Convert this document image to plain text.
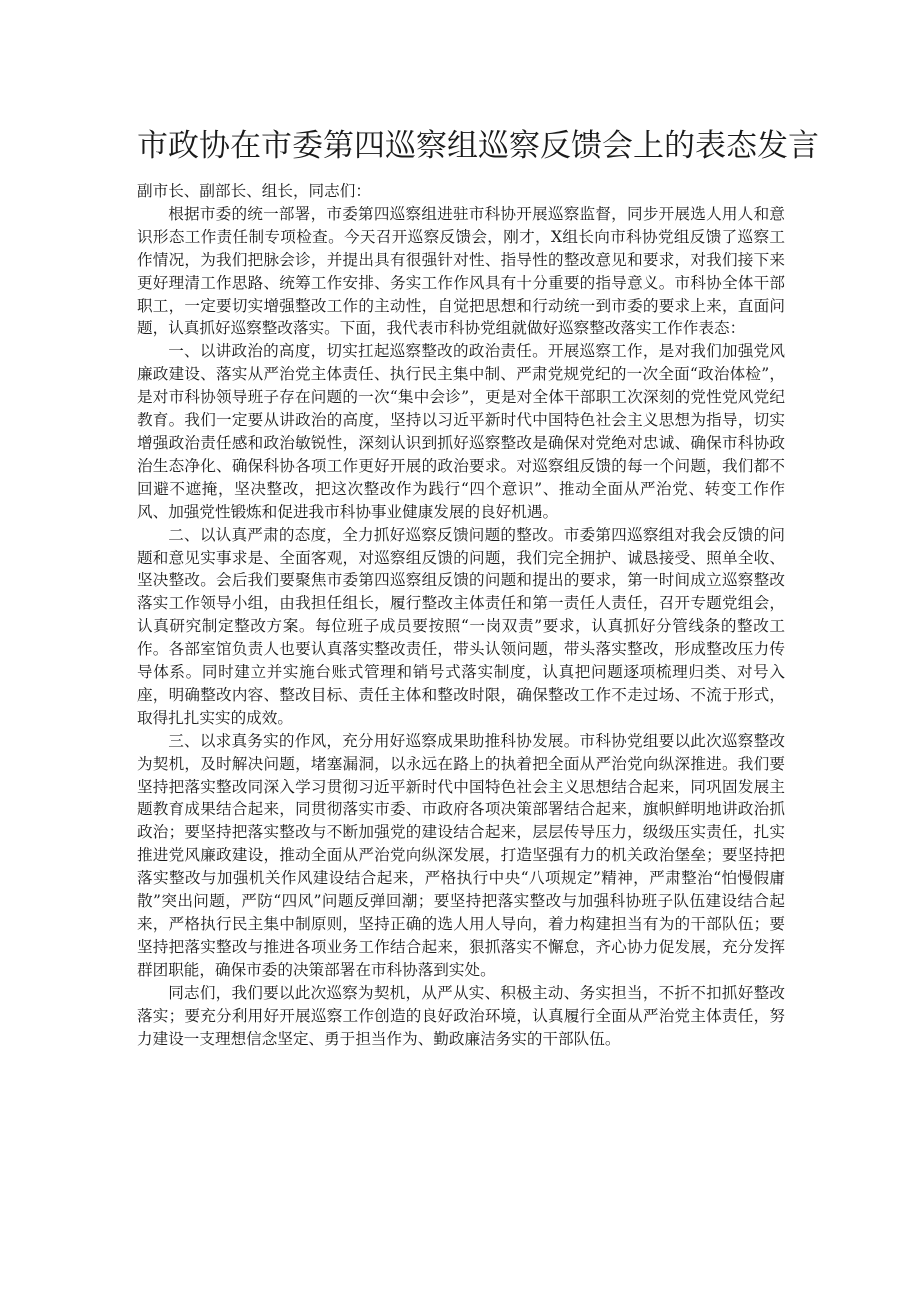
市政协在市委第四巡察组巡察反馈会上的表态发言

副市长、副部长、组长，同志们：

根据市委的统一部署，市委第四巡察组进驻市科协开展巡察监督，同步开展选人用人和意识形态工作责任制专项检查。今天召开巡察反馈会，刚才，X组长向市科协党组反馈了巡察工作情况，为我们把脉会诊，并提出具有很强针对性、指导性的整改意见和要求，对我们接下来更好理清工作思路、统筹工作安排、务实工作作风具有十分重要的指导意义。市科协全体干部职工，一定要切实增强整改工作的主动性，自觉把思想和行动统一到市委的要求上来，直面问题，认真抓好巡察整改落实。下面，我代表市科协党组就做好巡察整改落实工作作表态：

一、以讲政治的高度，切实扛起巡察整改的政治责任。开展巡察工作，是对我们加强党风廉政建设、落实从严治党主体责任、执行民主集中制、严肃党规党纪的一次全面“政治体检”，是对市科协领导班子存在问题的一次“集中会诊”，更是对全体干部职工次深刻的党性党风党纪教育。我们一定要从讲政治的高度，坚持以习近平新时代中国特色社会主义思想为指导，切实增强政治责任感和政治敏锐性，深刻认识到抓好巡察整改是确保对党绝对忠诚、确保市科协政治生态净化、确保科协各项工作更好开展的政治要求。对巡察组反馈的每一个问题，我们都不回避不遮掩，坚决整改，把这次整改作为践行“四个意识”、推动全面从严治党、转变工作作风、加强党性锻炼和促进我市科协事业健康发展的良好机遇。

二、以认真严肃的态度，全力抓好巡察反馈问题的整改。市委第四巡察组对我会反馈的问题和意见实事求是、全面客观，对巡察组反馈的问题，我们完全拥护、诚恳接受、照单全收、坚决整改。会后我们要聚焦市委第四巡察组反馈的问题和提出的要求，第一时间成立巡察整改落实工作领导小组，由我担任组长，履行整改主体责任和第一责任人责任，召开专题党组会，认真研究制定整改方案。每位班子成员要按照“一岗双责”要求，认真抓好分管线条的整改工作。各部室馆负责人也要认真落实整改责任，带头认领问题，带头落实整改，形成整改压力传导体系。同时建立并实施台账式管理和销号式落实制度，认真把问题逐项梳理归类、对号入座，明确整改内容、整改目标、责任主体和整改时限，确保整改工作不走过场、不流于形式，取得扎扎实实的成效。

三、以求真务实的作风，充分用好巡察成果助推科协发展。市科协党组要以此次巡察整改为契机，及时解决问题，堵塞漏洞，以永远在路上的执着把全面从严治党向纵深推进。我们要坚持把落实整改同深入学习贯彻习近平新时代中国特色社会主义思想结合起来，同巩固发展主题教育成果结合起来，同贯彻落实市委、市政府各项决策部署结合起来，旗帜鲜明地讲政治抓政治；要坚持把落实整改与不断加强党的建设结合起来，层层传导压力，级级压实责任，扎实推进党风廉政建设，推动全面从严治党向纵深发展，打造坚强有力的机关政治堡垒；要坚持把落实整改与加强机关作风建设结合起来，严格执行中央“八项规定”精神，严肃整治“怕慢假庸散”突出问题，严防“四风”问题反弹回潮；要坚持把落实整改与加强科协班子队伍建设结合起来，严格执行民主集中制原则，坚持正确的选人用人导向，着力构建担当有为的干部队伍；要坚持把落实整改与推进各项业务工作结合起来，狠抓落实不懈怠，齐心协力促发展，充分发挥群团职能，确保市委的决策部署在市科协落到实处。

同志们，我们要以此次巡察为契机，从严从实、积极主动、务实担当，不折不扣抓好整改落实；要充分利用好开展巡察工作创造的良好政治环境，认真履行全面从严治党主体责任，努力建设一支理想信念坚定、勇于担当作为、勤政廉洁务实的干部队伍。
